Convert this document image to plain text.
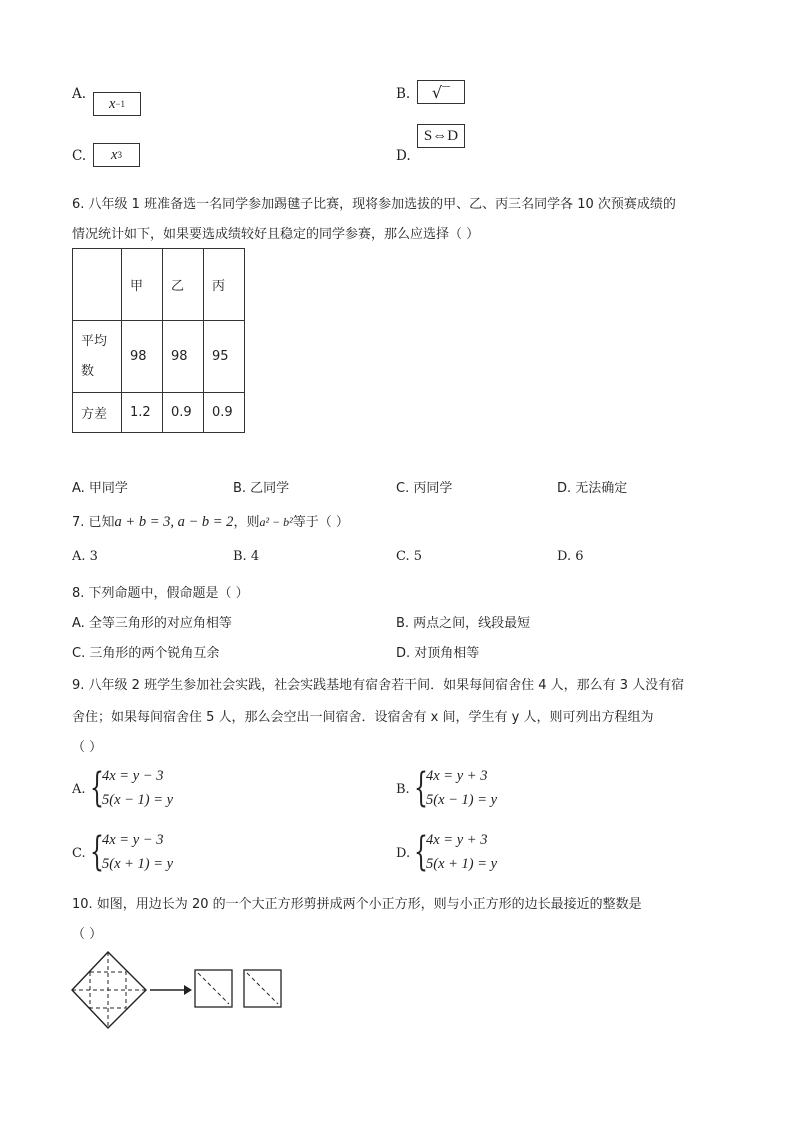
A.
x −1
B. √‾
C. x 3	D.
S⇔D
6. 八年级 1 班准备选一名同学参加踢毽子比赛，现将参加选拔的甲、乙、丙三名同学各 10 次预赛成绩的
情况统计如下，如果要选成绩较好且稳定的同学参赛，那么应选择（ ）
	甲	乙	丙
平均
数	98	98	95
方差	1.2	0.9	0.9
A. 甲同学	B. 乙同学	C. 丙同学	D. 无法确定
7. 已知a + b = 3, a − b = 2，则a² − b²等于（ ）
A. 3	B. 4	C. 5	D. 6
8. 下列命题中，假命题是（ ）
A. 全等三角形的对应角相等	B. 两点之间，线段最短
C. 三角形的两个锐角互余	D. 对顶角相等
9. 八年级 2 班学生参加社会实践，社会实践基地有宿舍若干间．如果每间宿舍住 4 人，那么有 3 人没有宿
舍住；如果每间宿舍住 5 人，那么会空出一间宿舍．设宿舍有 x 间，学生有 y 人，则可列出方程组为
（ ）
A. {
4x = y − 3
5(x − 1) = y
B. {
4x = y + 3
5(x − 1) = y
C. {
4x = y − 3
5(x + 1) = y
D. {
4x = y + 3
5(x + 1) = y
10. 如图，用边长为 20 的一个大正方形剪拼成两个小正方形，则与小正方形的边长最接近的整数是
（ ）
